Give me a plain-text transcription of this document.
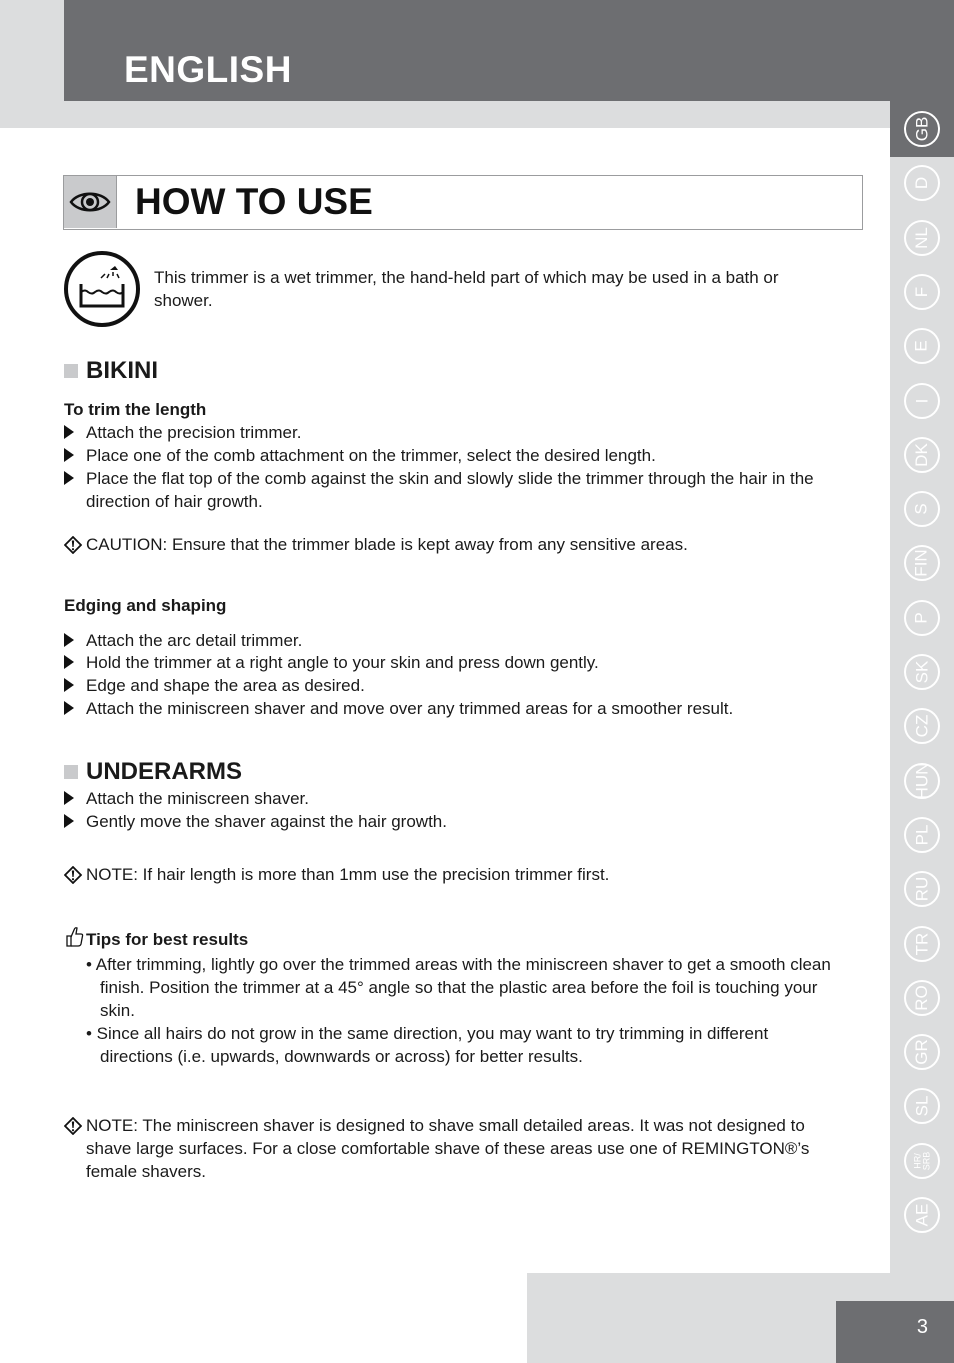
ENGLISH
GB
D
NL
F
E
I
DK
S
FIN
P
SK
CZ
HUN
PL
RU
TR
RO
GR
SL
HR/
SRB
AE
3
HOW TO USE
This trimmer is a wet trimmer, the hand-held part of which may be used in a bath or shower.
BIKINI
To trim the length
Attach the precision trimmer.
Place one of the comb attachment on the trimmer, select the desired length.
Place the flat top of the comb against the skin and slowly slide the trimmer through the hair in the direction of hair growth.
CAUTION: Ensure that the trimmer blade is kept away from any sensitive areas.
Edging and shaping
Attach the arc detail trimmer.
Hold the trimmer at a right angle to your skin and press down gently.
Edge and shape the area as desired.
Attach the miniscreen shaver and move over any trimmed areas for a smoother result.
UNDERARMS
Attach the miniscreen shaver.
Gently move the shaver against the hair growth.
NOTE: If hair length is more than 1mm use the precision trimmer first.
Tips for best results
• After trimming, lightly go over the trimmed areas with the miniscreen shaver to get a smooth clean finish. Position the trimmer at a 45° angle so that the plastic area before the foil is touching your skin.
• Since all hairs do not grow in the same direction, you may want to try trimming in different directions (i.e. upwards, downwards or across) for better results.
NOTE: The miniscreen shaver is designed to shave small detailed areas. It was not designed to shave large surfaces. For a close comfortable shave of these areas use one of REMINGTON®’s female shavers.
